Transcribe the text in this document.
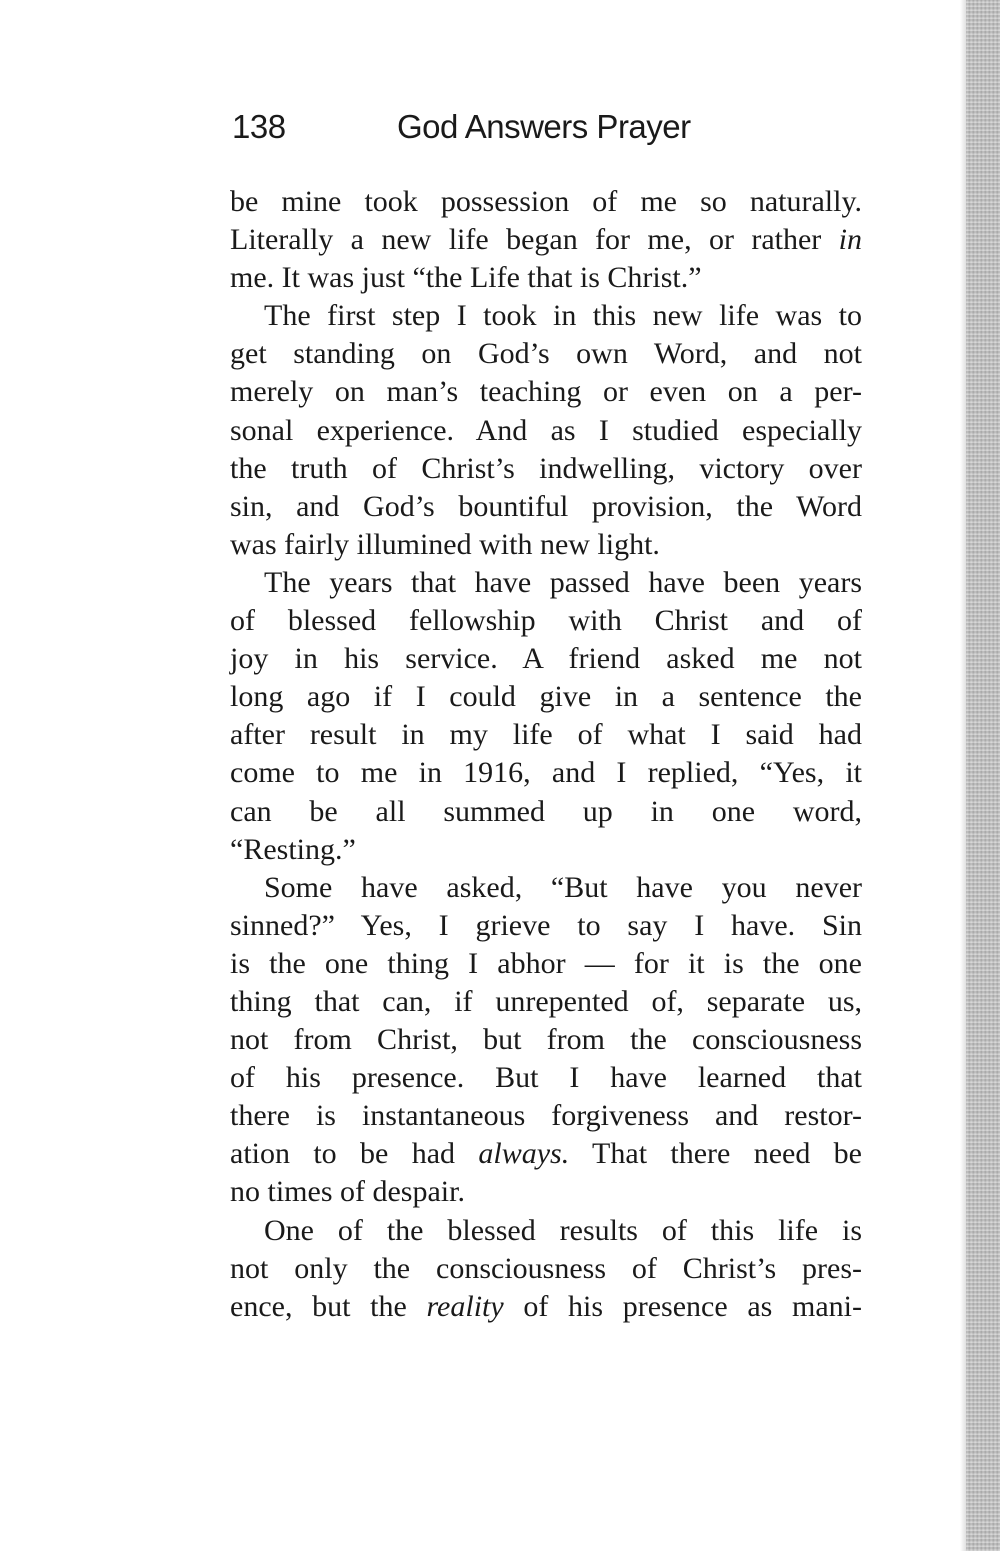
138	God Answers Prayer
be mine took possession of me so naturally.
Literally a new life began for me, or rather in
me. It was just “the Life that is Christ.”
The first step I took in this new life was to
get standing on God’s own Word, and not
merely on man’s teaching or even on a per-
sonal experience. And as I studied especially
the truth of Christ’s indwelling, victory over
sin, and God’s bountiful provision, the Word
was fairly illumined with new light.
The years that have passed have been years
of blessed fellowship with Christ and of
joy in his service. A friend asked me not
long ago if I could give in a sentence the
after result in my life of what I said had
come to me in 1916, and I replied, “Yes, it
can be all summed up in one word,
“Resting.”
Some have asked, “But have you never
sinned?” Yes, I grieve to say I have. Sin
is the one thing I abhor — for it is the one
thing that can, if unrepented of, separate us,
not from Christ, but from the consciousness
of his presence. But I have learned that
there is instantaneous forgiveness and restor-
ation to be had always. That there need be
no times of despair.
One of the blessed results of this life is
not only the consciousness of Christ’s pres-
ence, but the reality of his presence as mani-
